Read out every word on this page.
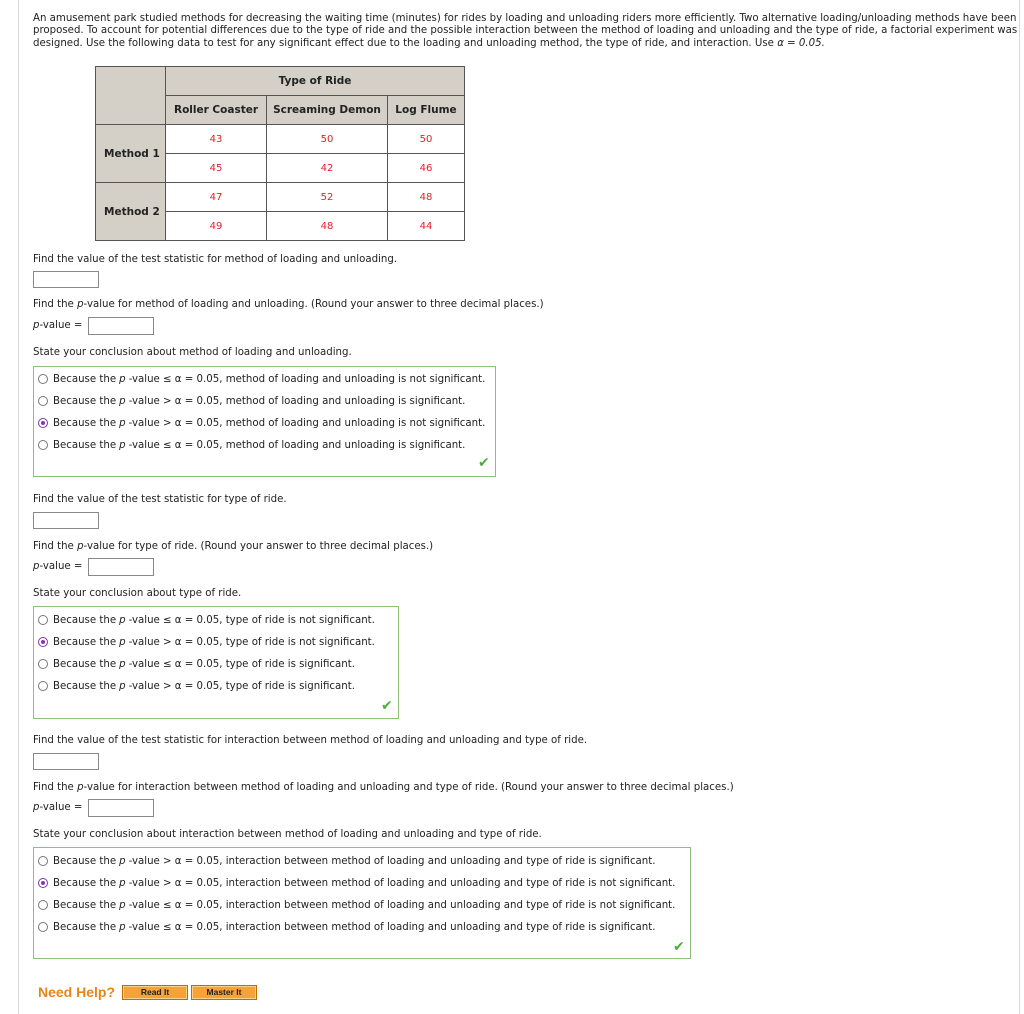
An amusement park studied methods for decreasing the waiting time (minutes) for rides by loading and unloading riders more efficiently. Two alternative loading/unloading methods have been proposed. To account for potential differences due to the type of ride and the possible interaction between the method of loading and unloading and the type of ride, a factorial experiment was designed. Use the following data to test for any significant effect due to the loading and unloading method, the type of ride, and interaction. Use α = 0.05.
	Type of Ride		
	Roller Coaster	Screaming Demon	Log Flume
Method 1	43	50	50
	45	42	46
Method 2	47	52	48
	49	48	44
Find the value of the test statistic for method of loading and unloading.
Find the p-value for method of loading and unloading. (Round your answer to three decimal places.)
p-value =
State your conclusion about method of loading and unloading.
Because the p -value ≤ α = 0.05, method of loading and unloading is not significant.
Because the p -value > α = 0.05, method of loading and unloading is significant.
Because the p -value > α = 0.05, method of loading and unloading is not significant.
Because the p -value ≤ α = 0.05, method of loading and unloading is significant.
✔
Find the value of the test statistic for type of ride.
Find the p-value for type of ride. (Round your answer to three decimal places.)
p-value =
State your conclusion about type of ride.
Because the p -value ≤ α = 0.05, type of ride is not significant.
Because the p -value > α = 0.05, type of ride is not significant.
Because the p -value ≤ α = 0.05, type of ride is significant.
Because the p -value > α = 0.05, type of ride is significant.
✔
Find the value of the test statistic for interaction between method of loading and unloading and type of ride.
Find the p-value for interaction between method of loading and unloading and type of ride. (Round your answer to three decimal places.)
p-value =
State your conclusion about interaction between method of loading and unloading and type of ride.
Because the p -value > α = 0.05, interaction between method of loading and unloading and type of ride is significant.
Because the p -value > α = 0.05, interaction between method of loading and unloading and type of ride is not significant.
Because the p -value ≤ α = 0.05, interaction between method of loading and unloading and type of ride is not significant.
Because the p -value ≤ α = 0.05, interaction between method of loading and unloading and type of ride is significant.
✔
Need Help?	Read It	Master It
